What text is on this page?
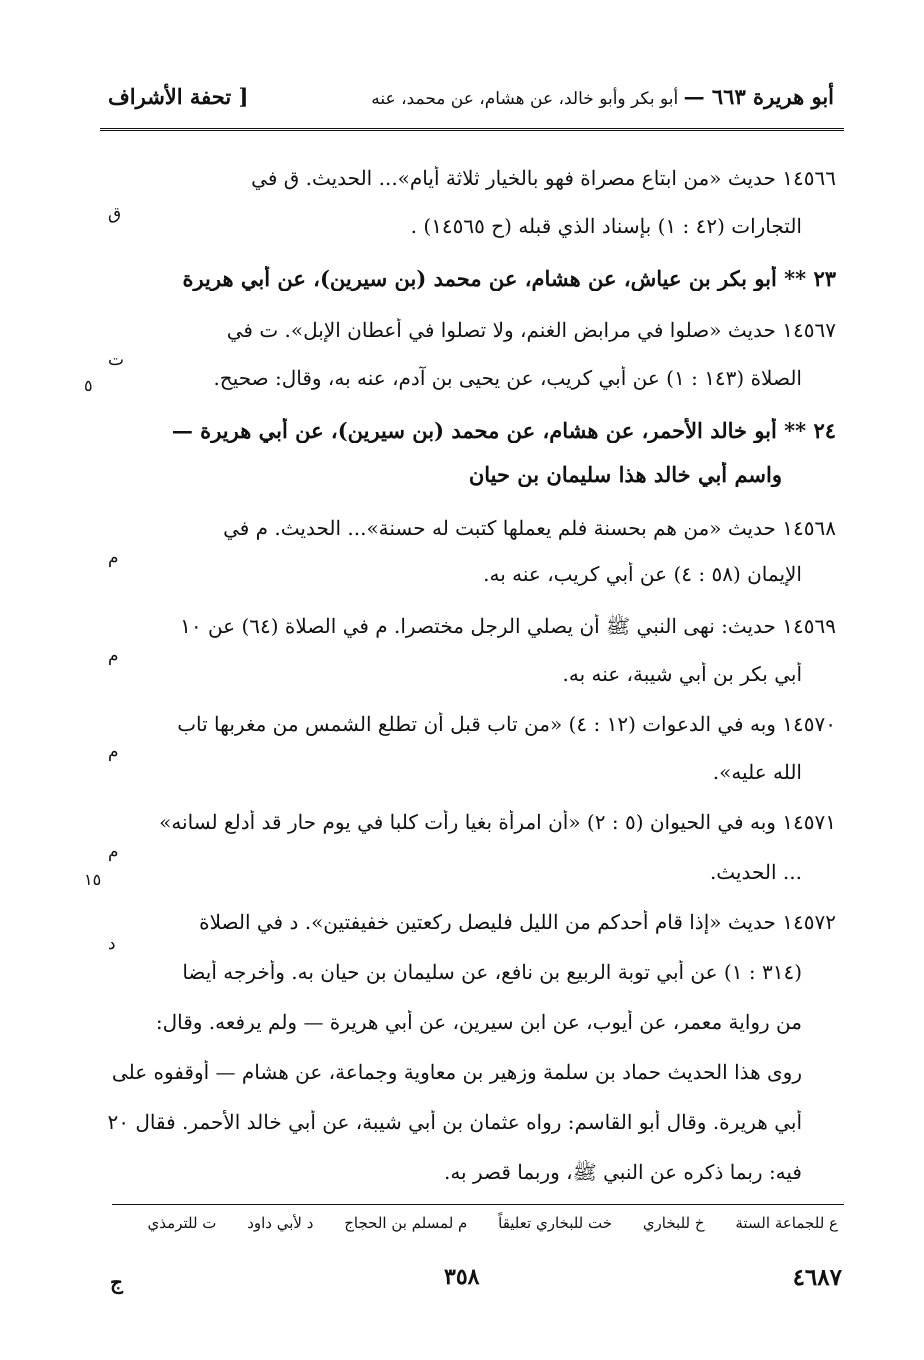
أبو هريرة ٦٦٣ — أبو بكر وأبو خالد، عن هشام، عن محمد، عنه
[ تحفة الأشراف
١٤٥٦٦ حديث «من ابتاع مصراة فهو بالخيار ثلاثة أيام»... الحديث. ق في
التجارات (٤٢ : ١) بإسناد الذي قبله (ح ١٤٥٦٥) .
ق
٢٣ ** أبو بكر بن عياش، عن هشام، عن محمد (بن سيرين)، عن أبي هريرة
١٤٥٦٧ حديث «صلوا في مرابض الغنم، ولا تصلوا في أعطان الإبل». ت في
الصلاة (١٤٣ : ١) عن أبي كريب، عن يحيى بن آدم، عنه به، وقال: صحيح.
ت
٥
٢٤ ** أبو خالد الأحمر، عن هشام، عن محمد (بن سيرين)، عن أبي هريرة —
واسم أبي خالد هذا سليمان بن حيان
١٤٥٦٨ حديث «من هم بحسنة فلم يعملها كتبت له حسنة»... الحديث. م في
الإيمان (٥٨ : ٤) عن أبي كريب، عنه به.
م
١٤٥٦٩ حديث: نهى النبي ﷺ أن يصلي الرجل مختصرا. م في الصلاة (٦٤) عن ١٠
أبي بكر بن أبي شيبة، عنه به.
م
١٤٥٧٠ وبه في الدعوات (١٢ : ٤) «من تاب قبل أن تطلع الشمس من مغربها تاب
الله عليه».
م
١٤٥٧١ وبه في الحيوان (٥ : ٢) «أن امرأة بغيا رأت كلبا في يوم حار قد أدلع لسانه»
... الحديث.
م
١٥
١٤٥٧٢ حديث «إذا قام أحدكم من الليل فليصل ركعتين خفيفتين». د في الصلاة
د
(٣١٤ : ١) عن أبي توبة الربيع بن نافع، عن سليمان بن حيان به. وأخرجه أيضا
من رواية معمر، عن أيوب، عن ابن سيرين، عن أبي هريرة — ولم يرفعه. وقال:
روى هذا الحديث حماد بن سلمة وزهير بن معاوية وجماعة، عن هشام — أوقفوه على
أبي هريرة. وقال أبو القاسم: رواه عثمان بن أبي شيبة، عن أبي خالد الأحمر. فقال ٢٠
فيه: ربما ذكره عن النبي ﷺ، وربما قصر به.
ع للجماعة الستة خ للبخاري خت للبخاري تعليقاً م لمسلم بن الحجاج د لأبي داود ت للترمذي
٤٦٨٧
٣٥٨
ج
